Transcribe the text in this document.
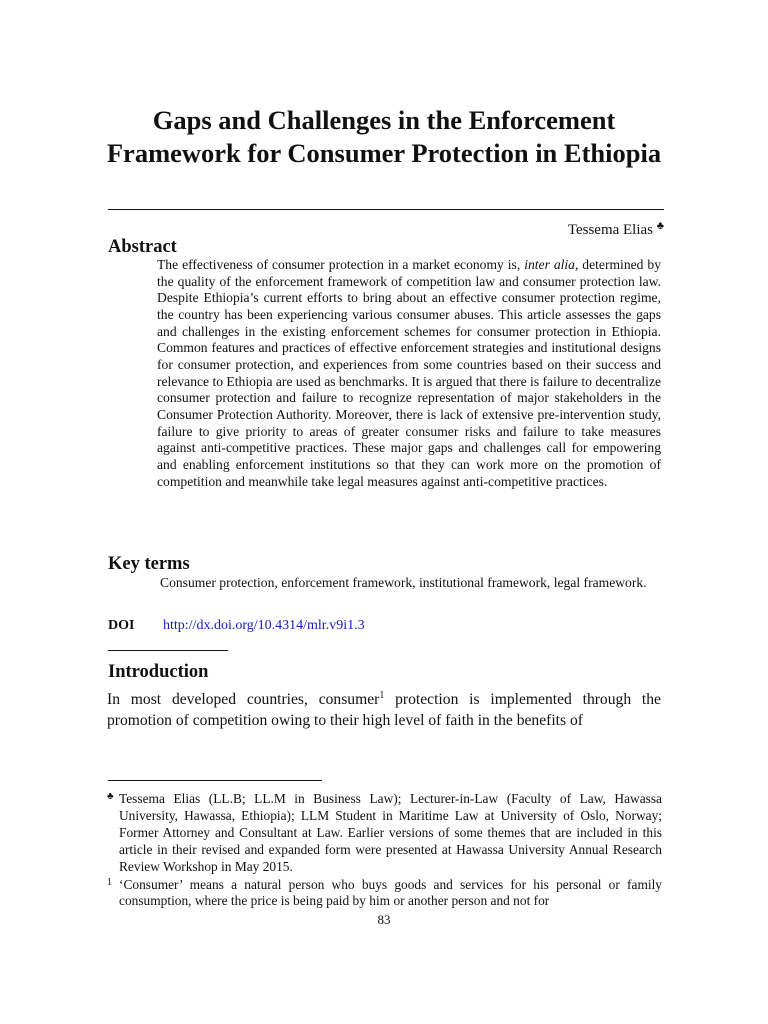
Gaps and Challenges in the Enforcement Framework for Consumer Protection in Ethiopia
Tessema Elias ♣
Abstract

The effectiveness of consumer protection in a market economy is, inter alia, determined by the quality of the enforcement framework of competition law and consumer protection law. Despite Ethiopia’s current efforts to bring about an effective consumer protection regime, the country has been experiencing various consumer abuses. This article assesses the gaps and challenges in the existing enforcement schemes for consumer protection in Ethiopia. Common features and practices of effective enforcement strategies and institutional designs for consumer protection, and experiences from some countries based on their success and relevance to Ethiopia are used as benchmarks. It is argued that there is failure to decentralize consumer protection and failure to recognize representation of major stakeholders in the Consumer Protection Authority. Moreover, there is lack of extensive pre-intervention study, failure to give priority to areas of greater consumer risks and failure to take measures against anti-competitive practices. These major gaps and challenges call for empowering and enabling enforcement institutions so that they can work more on the promotion of competition and meanwhile take legal measures against anti-competitive practices.

Key terms

Consumer protection, enforcement framework, institutional framework, legal framework.

DOI http://dx.doi.org/10.4314/mlr.v9i1.3
Introduction

In most developed countries, consumer$^1$ protection is implemented through the promotion of competition owing to their high level of faith in the benefits of

♣ Tessema Elias (LL.B; LL.M in Business Law); Lecturer-in-Law (Faculty of Law, Hawassa University, Hawassa, Ethiopia); LLM Student in Maritime Law at University of Oslo, Norway; Former Attorney and Consultant at Law. Earlier versions of some themes that are included in this article in their revised and expanded form were presented at Hawassa University Annual Research Review Workshop in May 2015.

1 ‘Consumer’ means a natural person who buys goods and services for his personal or family consumption, where the price is being paid by him or another person and not for

83
